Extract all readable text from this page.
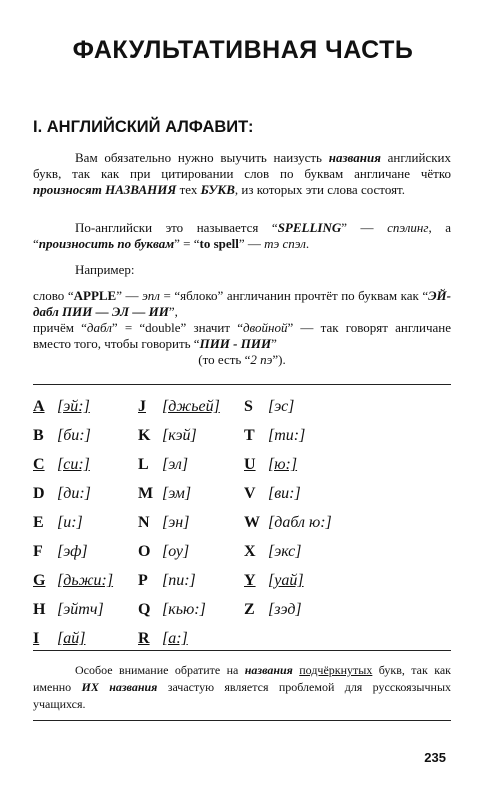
ФАКУЛЬТАТИВНАЯ ЧАСТЬ
I. АНГЛИЙСКИЙ АЛФАВИТ:

Вам обязательно нужно выучить наизусть названия английских букв, так как при цитировании слов по буквам англичане чётко произносят НАЗВАНИЯ тех БУКВ, из которых эти слова состоят.

По-английски это называется “SPELLING” — спэлинг, а “произносить по буквам” = “to spell” — тэ спэл.

Например:

слово “APPLE” — эпл = “яблоко” англичанин прочтёт по буквам как “ЭЙ- дабл ПИИ — ЭЛ — ИИ”,
причём “дабл” = “double” значит “двойной” — так говорят англичане вместо того, чтобы говорить “ПИИ - ПИИ”
(то есть “2 пэ”).

A [эй:]	J [джьей] S [эс]
B [би:]	K [кэй]	T [mu:]
C [си:]	L [эл]	U [ю:]
D [ди:]	M [эм]	V [ви:]
E [u:]	N [эн]	W [дабл ю:]
F [эф]	O [оу]	X [экс]
G [дьжи:] P [пи:]	Y [уай]
H [эйтч] Q [кью:] Z [зэд]
I [ай]	R [а:]

Особое внимание обратите на названия подчёркнутых букв, так как именно ИХ названия зачастую является проблемой для русскоязычных учащихся.

235
